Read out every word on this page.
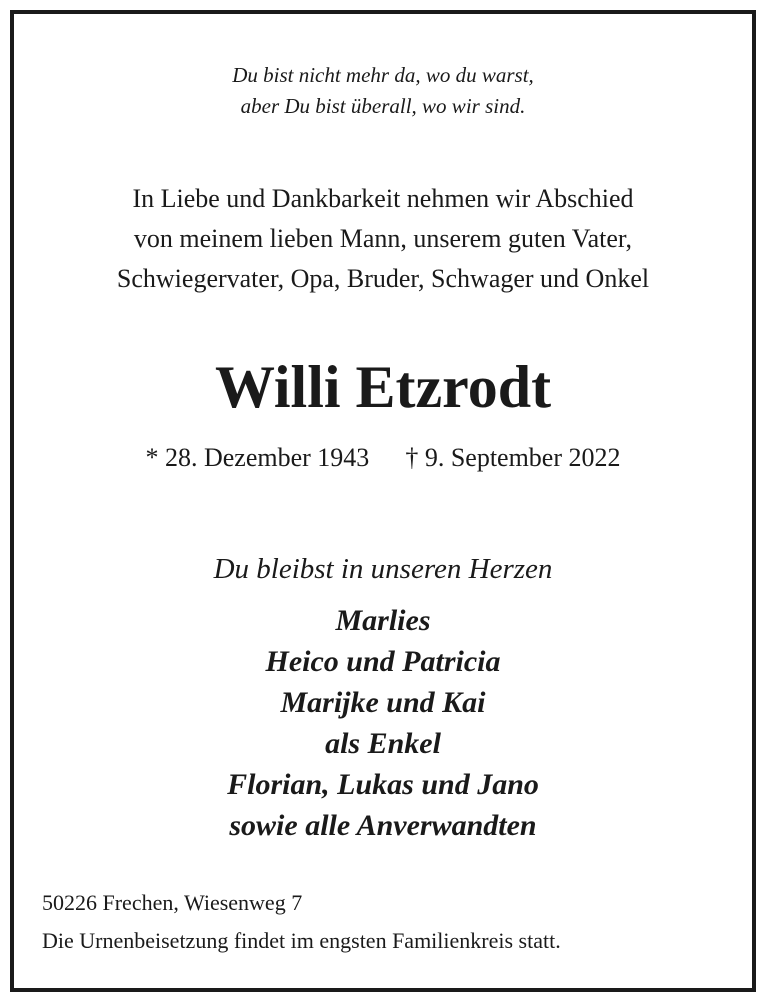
Du bist nicht mehr da, wo du warst,
aber Du bist überall, wo wir sind.
In Liebe und Dankbarkeit nehmen wir Abschied
von meinem lieben Mann, unserem guten Vater,
Schwiegervater, Opa, Bruder, Schwager und Onkel
Willi Etzrodt
* 28. Dezember 1943 † 9. September 2022
Du bleibst in unseren Herzen
Marlies
Heico und Patricia
Marijke und Kai
als Enkel
Florian, Lukas und Jano
sowie alle Anverwandten
50226 Frechen, Wiesenweg 7
Die Urnenbeisetzung findet im engsten Familienkreis statt.
